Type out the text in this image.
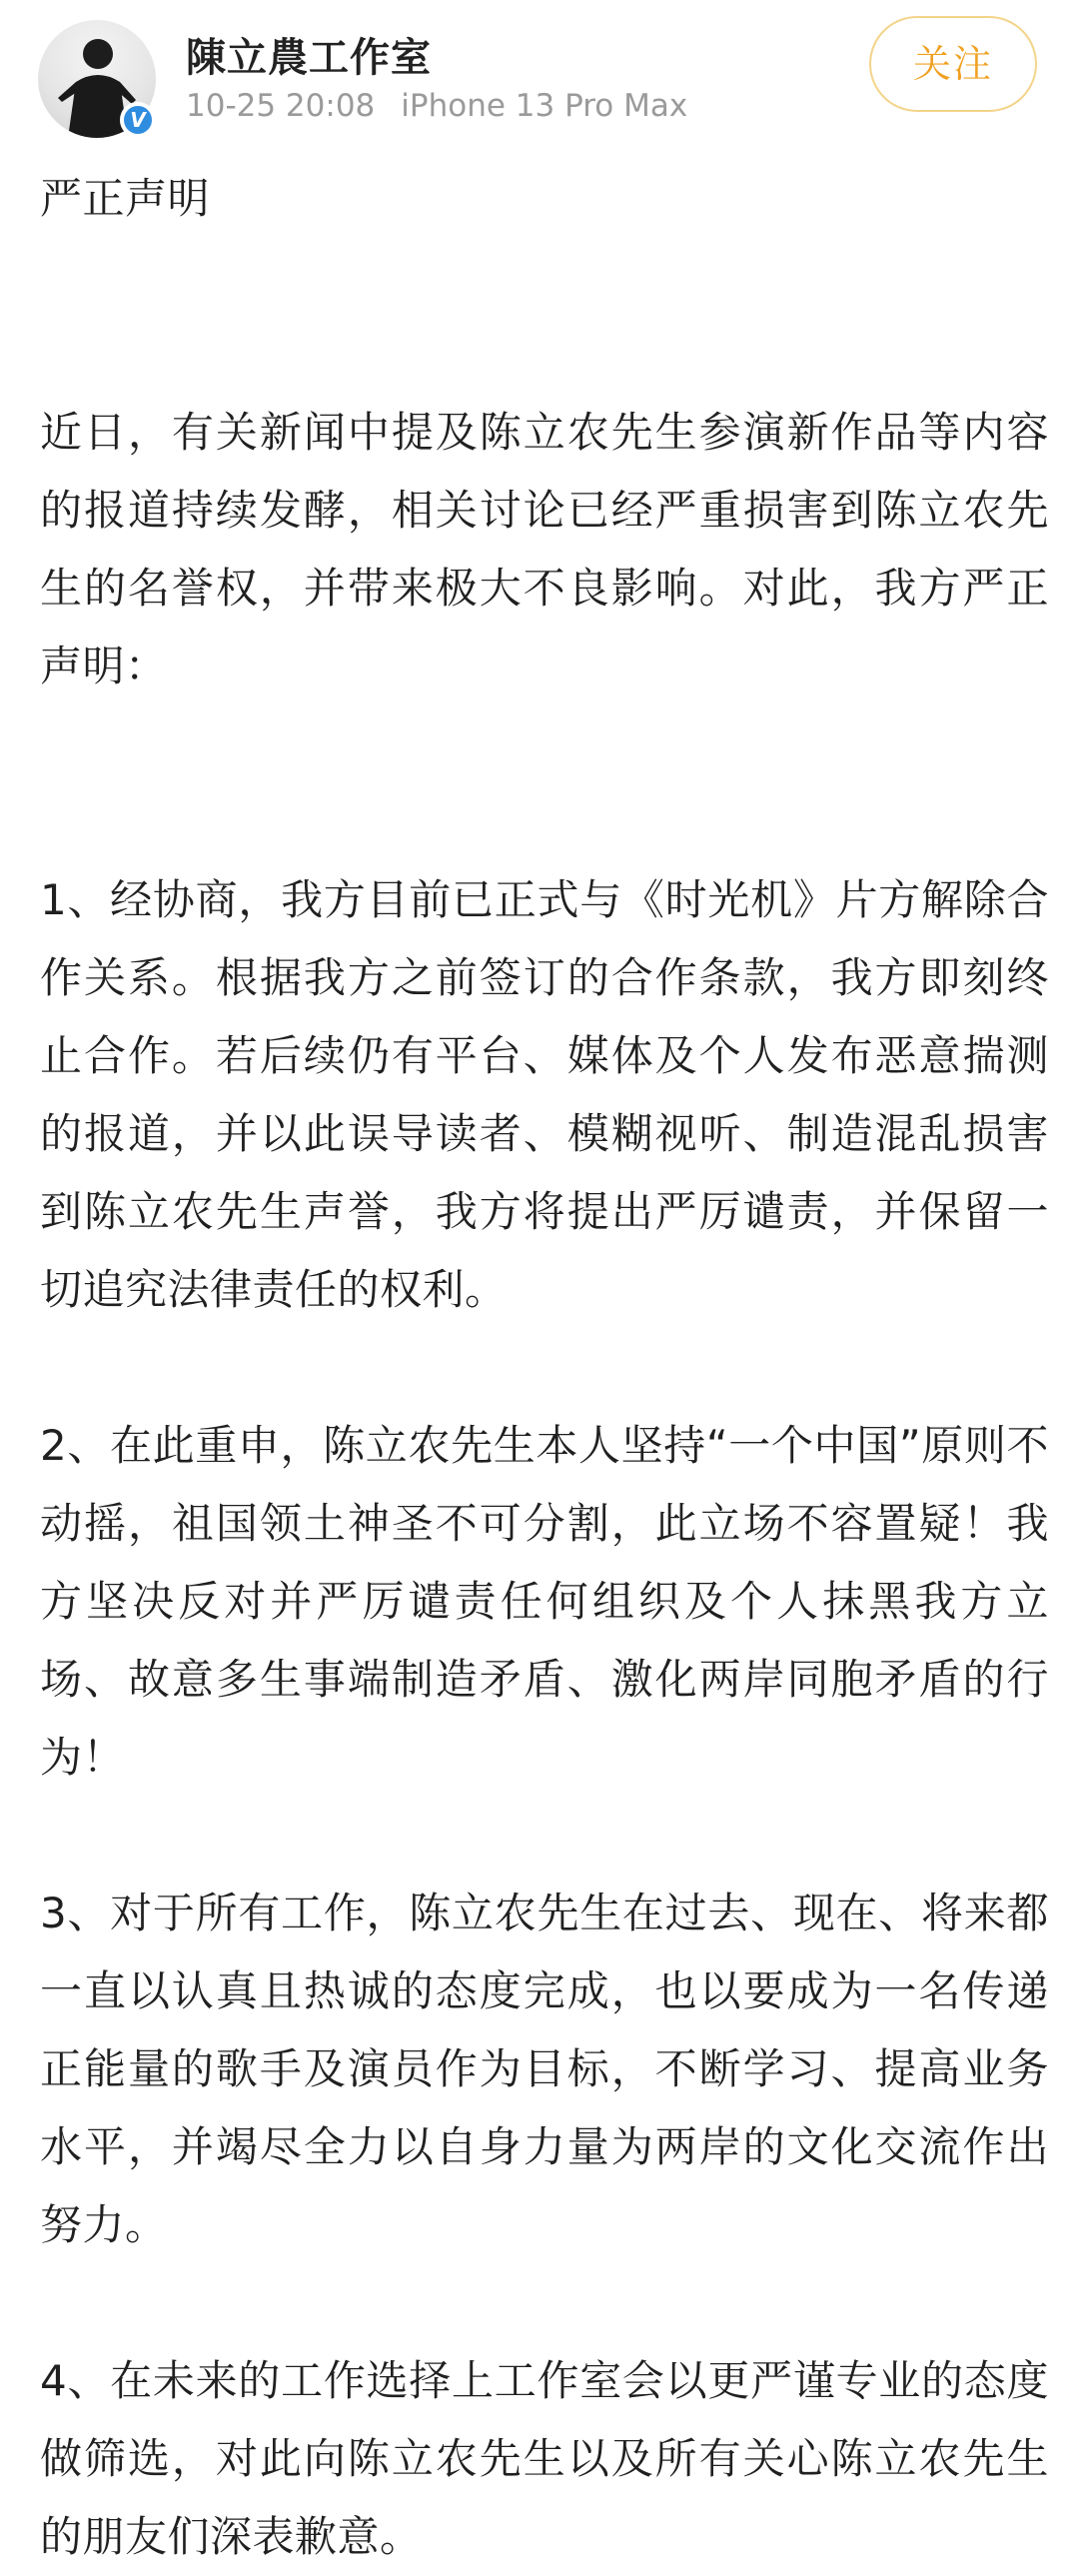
V
陳立農工作室
10-25 20:08 iPhone 13 Pro Max
关注

严正声明

近日，有关新闻中提及陈立农先生参演新作品等内容的报道持续发酵，相关讨论已经严重损害到陈立农先生的名誉权，并带来极大不良影响。对此，我方严正声明：

1、经协商，我方目前已正式与《时光机》片方解除合作关系。根据我方之前签订的合作条款，我方即刻终止合作。若后续仍有平台、媒体及个人发布恶意揣测的报道，并以此误导读者、模糊视听、制造混乱损害到陈立农先生声誉，我方将提出严厉谴责，并保留一切追究法律责任的权利。

2、在此重申，陈立农先生本人坚持“一个中国”原则不动摇，祖国领土神圣不可分割，此立场不容置疑！我方坚决反对并严厉谴责任何组织及个人抹黑我方立场、故意多生事端制造矛盾、激化两岸同胞矛盾的行为！

3、对于所有工作，陈立农先生在过去、现在、将来都一直以认真且热诚的态度完成，也以要成为一名传递正能量的歌手及演员作为目标，不断学习、提高业务水平，并竭尽全力以自身力量为两岸的文化交流作出努力。

4、在未来的工作选择上工作室会以更严谨专业的态度做筛选，对此向陈立农先生以及所有关心陈立农先生的朋友们深表歉意。
